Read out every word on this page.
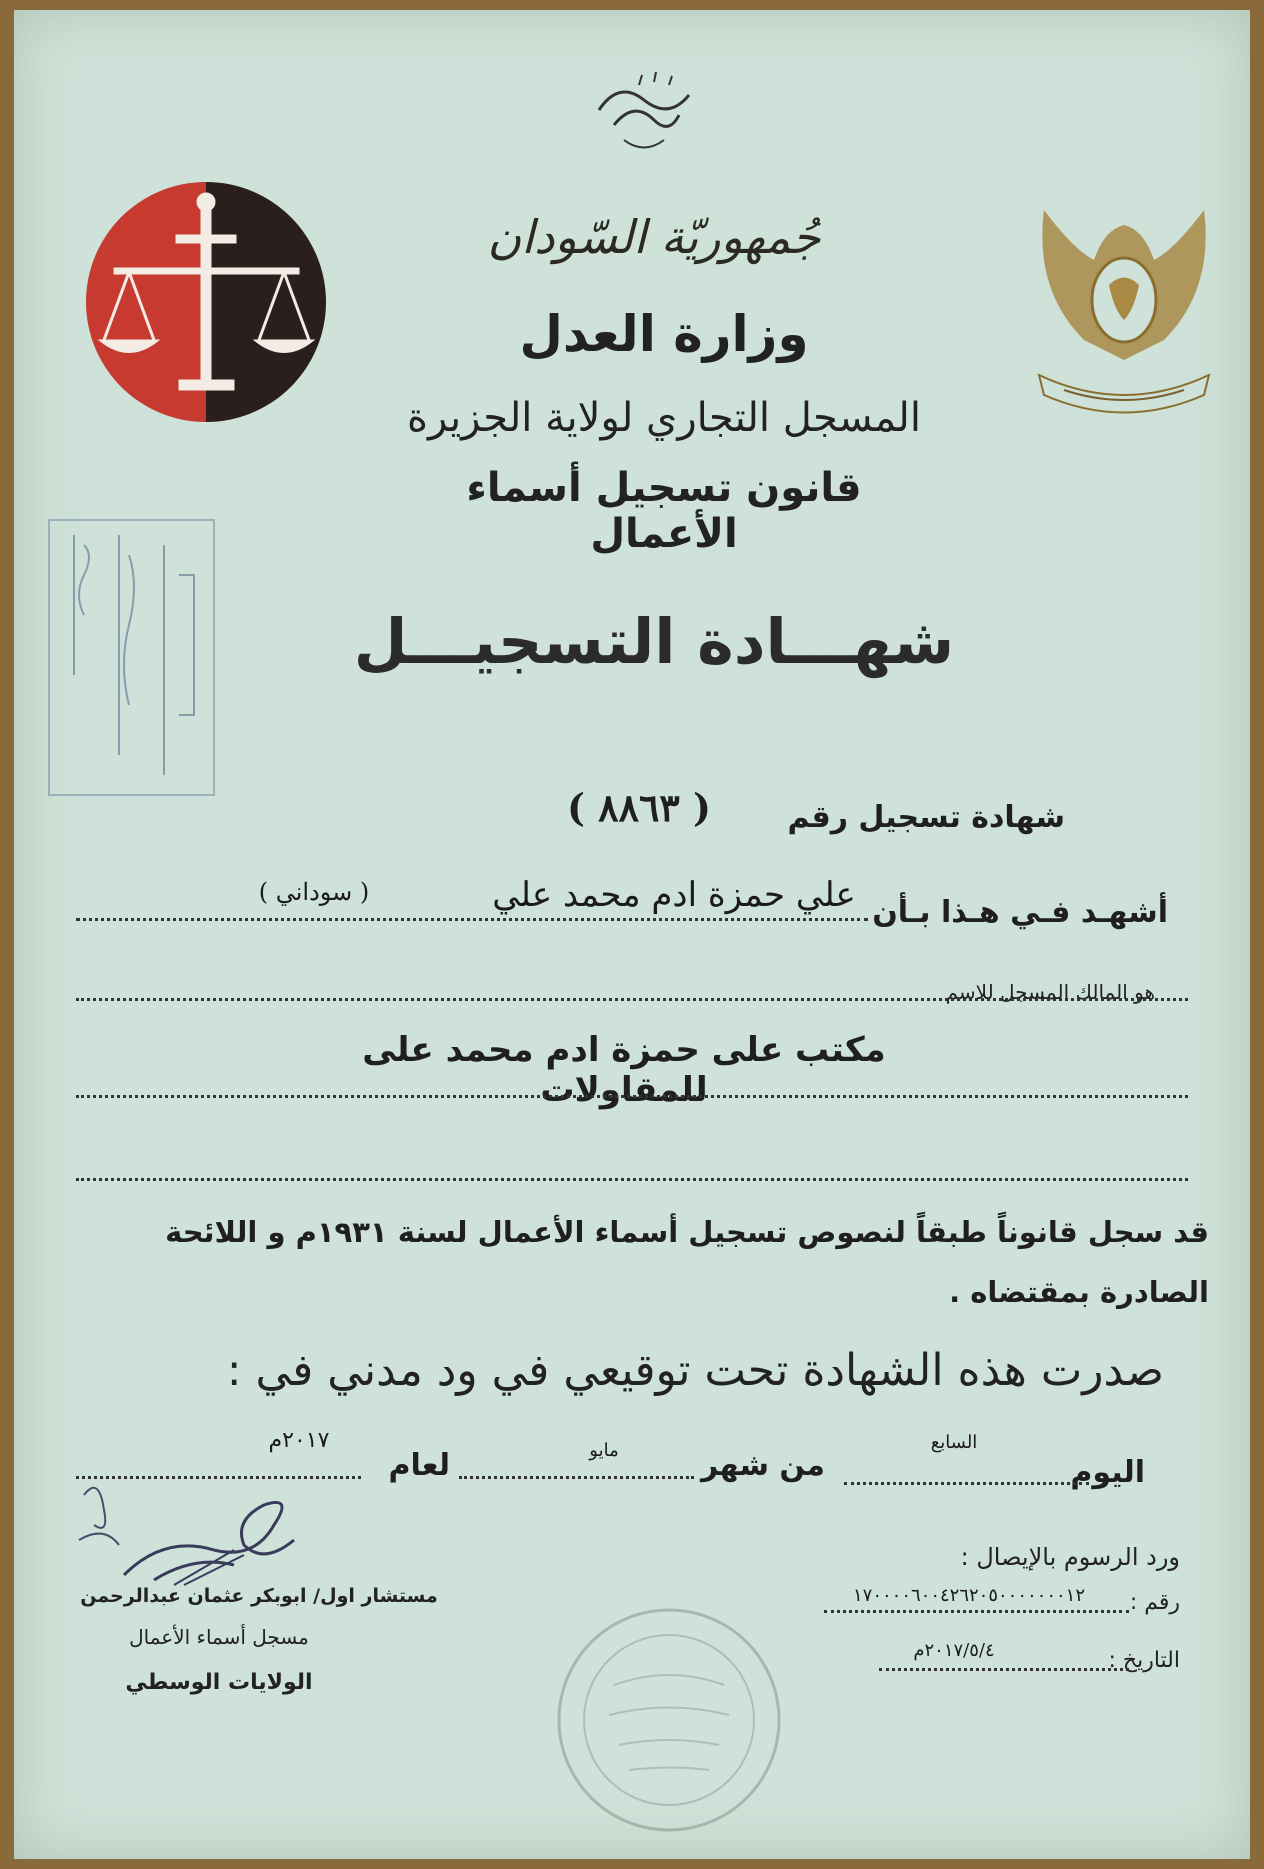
جُمهوريّة السّودان
وزارة العدل
المسجل التجاري لولاية الجزيرة
قانون تسجيل أسماء الأعمال
شهـــادة التسجيـــل
شهادة تسجيل رقم
( ٨٨٦٣ )
أشهـد فـي هـذا بـأن
علي حمزة ادم محمد علي
( سوداني )
هو المالك المسجل للاسم
مكتب على حمزة ادم محمد على للمقاولات
قد سجل قانوناً طبقاً لنصوص تسجيل أسماء الأعمال لسنة ١٩٣١م و اللائحة
الصادرة بمقتضاه .
صدرت هذه الشهادة تحت توقيعي في ود مدني في :
اليوم
السابع
من شهر
مايو
لعام
٢٠١٧م
ورد الرسوم بالإيصال :
رقم :
١٧٠٠٠٠٦٠٠٤٢٦٢٠٥٠٠٠٠٠٠٠١٢
التاريخ :
٢٠١٧/٥/٤م
مستشار اول/ ابوبكر عثمان عبدالرحمن
مسجل أسماء الأعمال
الولايات الوسطي
